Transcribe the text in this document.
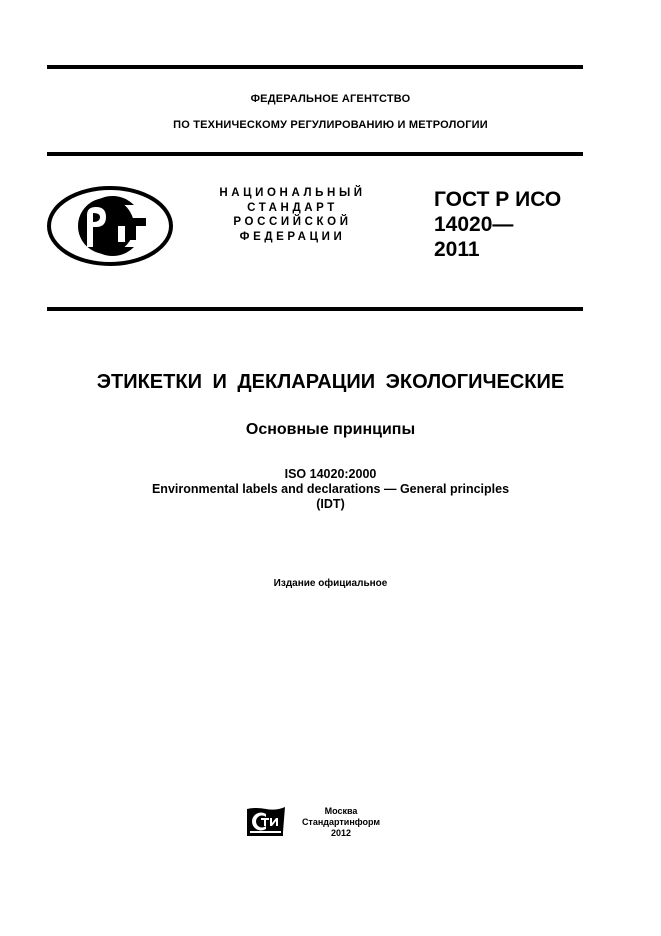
ФЕДЕРАЛЬНОЕ АГЕНТСТВО
ПО ТЕХНИЧЕСКОМУ РЕГУЛИРОВАНИЮ И МЕТРОЛОГИИ
НАЦИОНАЛЬНЫЙ
СТАНДАРТ
РОССИЙСКОЙ
ФЕДЕРАЦИИ
ГОСТ Р ИСО
14020—
2011
ЭТИКЕТКИ И ДЕКЛАРАЦИИ ЭКОЛОГИЧЕСКИЕ
Основные принципы
ISO 14020:2000
Environmental labels and declarations — General principles
(IDT)
Издание официальное
Москва
Стандартинформ
2012
